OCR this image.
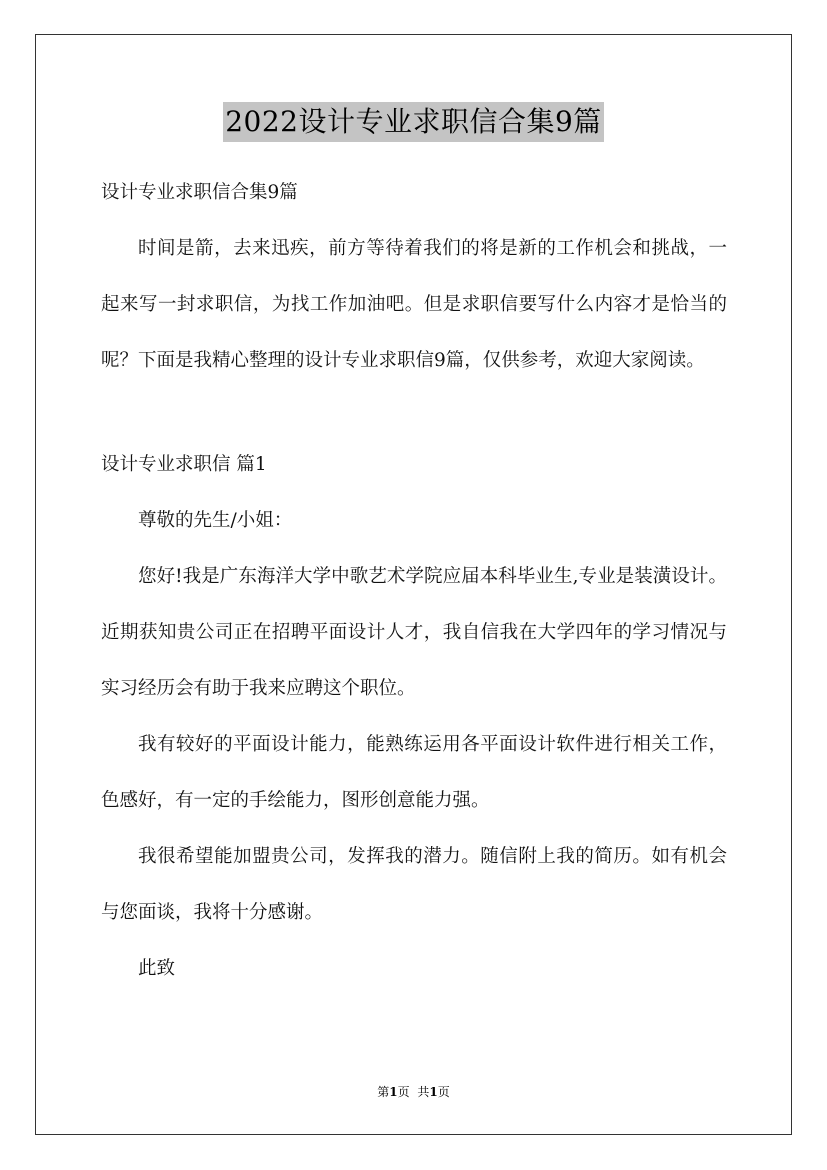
2022设计专业求职信合集9篇

设计专业求职信合集9篇

时间是箭，去来迅疾，前方等待着我们的将是新的工作机会和挑战，一起来写一封求职信，为找工作加油吧。但是求职信要写什么内容才是恰当的呢？下面是我精心整理的设计专业求职信9篇，仅供参考，欢迎大家阅读。

设计专业求职信 篇1

尊敬的先生/小姐：

您好!我是广东海洋大学中歌艺术学院应届本科毕业生,专业是装潢设计。近期获知贵公司正在招聘平面设计人才，我自信我在大学四年的学习情况与实习经历会有助于我来应聘这个职位。

我有较好的平面设计能力，能熟练运用各平面设计软件进行相关工作，色感好，有一定的手绘能力，图形创意能力强。

我很希望能加盟贵公司，发挥我的潜力。随信附上我的简历。如有机会与您面谈，我将十分感谢。

此致

第1页 共1页
